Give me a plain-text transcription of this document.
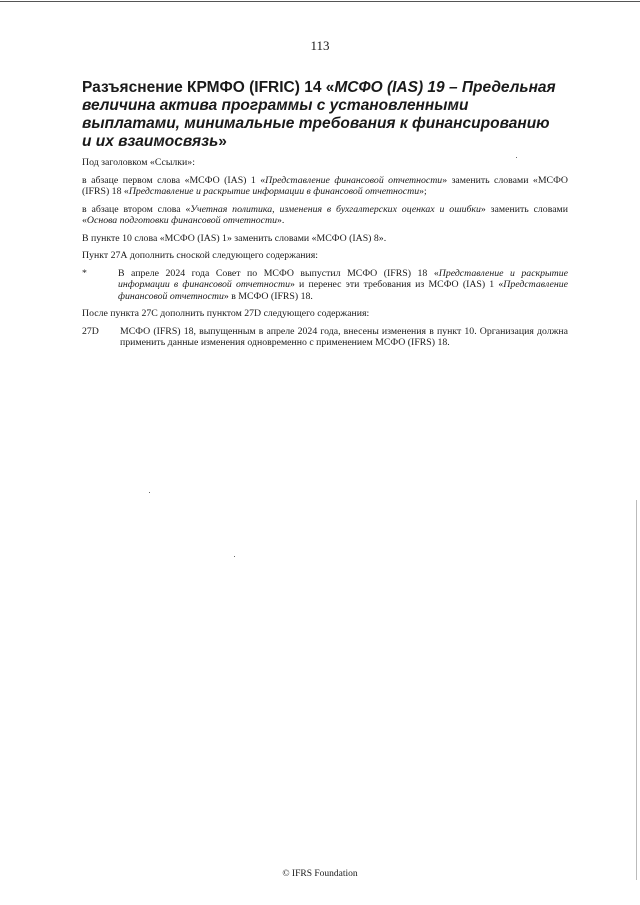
113
Разъяснение КРМФО (IFRIC) 14 «МСФО (IAS) 19 – Предельная величина актива программы с установленными выплатами, минимальные требования к финансированию и их взаимосвязь»

Под заголовком «Ссылки»:

в абзаце первом слова «МСФО (IAS) 1 «Представление финансовой отчетности» заменить словами «МСФО (IFRS) 18 «Представление и раскрытие информации в финансовой отчетности»;

в абзаце втором слова «Учетная политика, изменения в бухгалтерских оценках и ошибки» заменить словами «Основа подготовки финансовой отчетности».

В пункте 10 слова «МСФО (IAS) 1» заменить словами «МСФО (IAS) 8».

Пункт 27А дополнить сноской следующего содержания:

*	В апреле 2024 года Совет по МСФО выпустил МСФО (IFRS) 18 «Представление и раскрытие информации в финансовой отчетности» и перенес эти требования из МСФО (IAS) 1 «Представление финансовой отчетности» в МСФО (IFRS) 18.

После пункта 27С дополнить пунктом 27D следующего содержания:

27D	МСФО (IFRS) 18, выпущенным в апреле 2024 года, внесены изменения в пункт 10. Организация должна применить данные изменения одновременно с применением МСФО (IFRS) 18.
© IFRS Foundation
